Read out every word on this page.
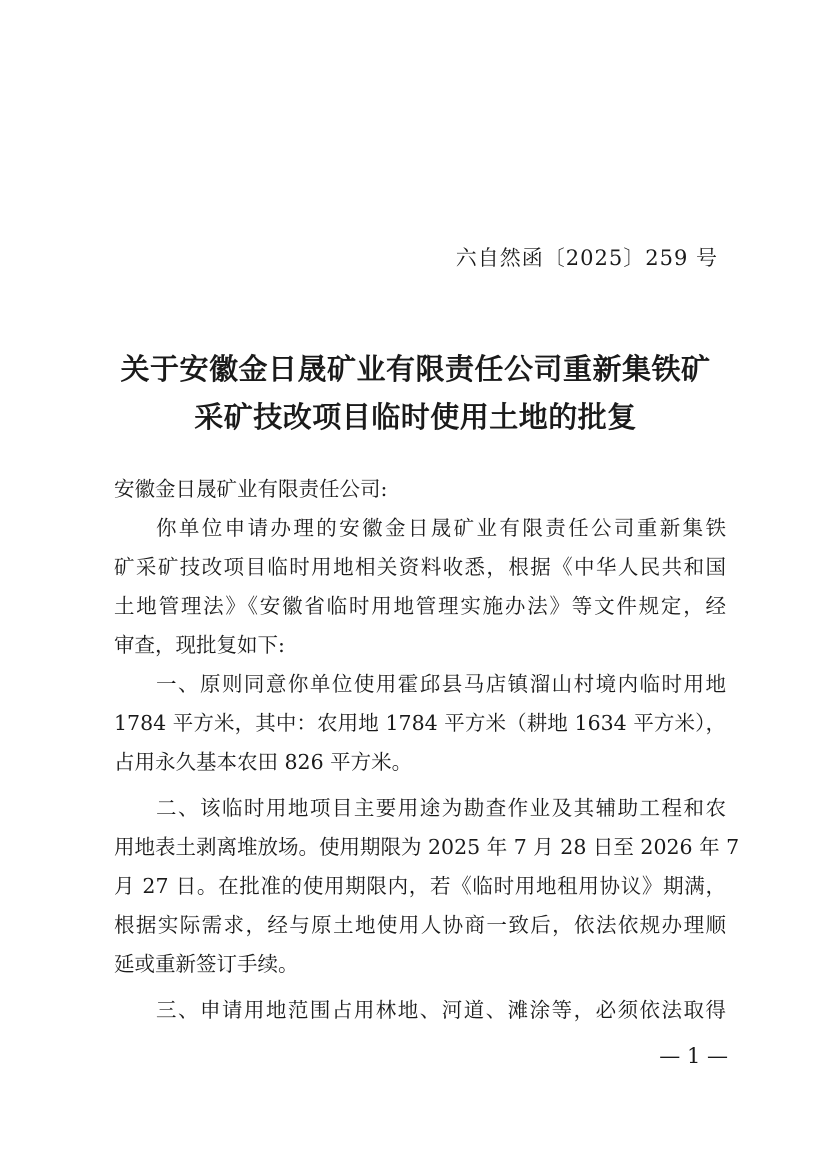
六自然函〔2025〕259 号
关于安徽金日晟矿业有限责任公司重新集铁矿
采矿技改项目临时使用土地的批复
安徽金日晟矿业有限责任公司:
你单位申请办理的安徽金日晟矿业有限责任公司重新集铁
矿采矿技改项目临时用地相关资料收悉，根据《中华人民共和国
土地管理法》《安徽省临时用地管理实施办法》等文件规定，经
审查，现批复如下:
一、原则同意你单位使用霍邱县马店镇溜山村境内临时用地
1784 平方米，其中：农用地 1784 平方米（耕地 1634 平方米），
占用永久基本农田 826 平方米。
二、该临时用地项目主要用途为勘查作业及其辅助工程和农
用地表土剥离堆放场。使用期限为 2025 年 7 月 28 日至 2026 年 7
月 27 日。在批准的使用期限内，若《临时用地租用协议》期满，
根据实际需求，经与原土地使用人协商一致后，依法依规办理顺
延或重新签订手续。
三、申请用地范围占用林地、河道、滩涂等，必须依法取得
— 1 —
